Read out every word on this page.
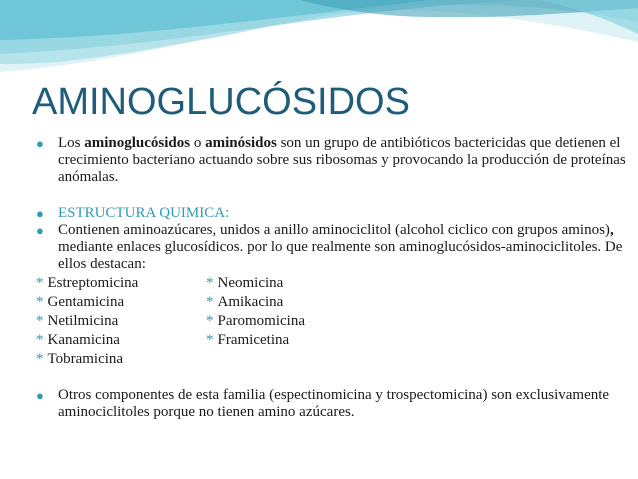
AMINOGLUCÓSIDOS
● Los aminoglucósidos o aminósidos son un grupo de antibióticos bactericidas que detienen el crecimiento bacteriano actuando sobre sus ribosomas y provocando la producción de proteínas anómalas.
● ESTRUCTURA QUIMICA:
● Contienen aminoazúcares, unidos a anillo aminociclitol (alcohol ciclico con grupos aminos), mediante enlaces glucosídicos. por lo que realmente son aminoglucósidos-aminociclitoles. De ellos destacan:
* Estreptomicina	* Neomicina
* Gentamicina	* Amikacina
* Netilmicina	* Paromomicina
* Kanamicina	* Framicetina
* Tobramicina
● Otros componentes de esta familia (espectinomicina y trospectomicina) son exclusivamente aminociclitoles porque no tienen amino azúcares.
